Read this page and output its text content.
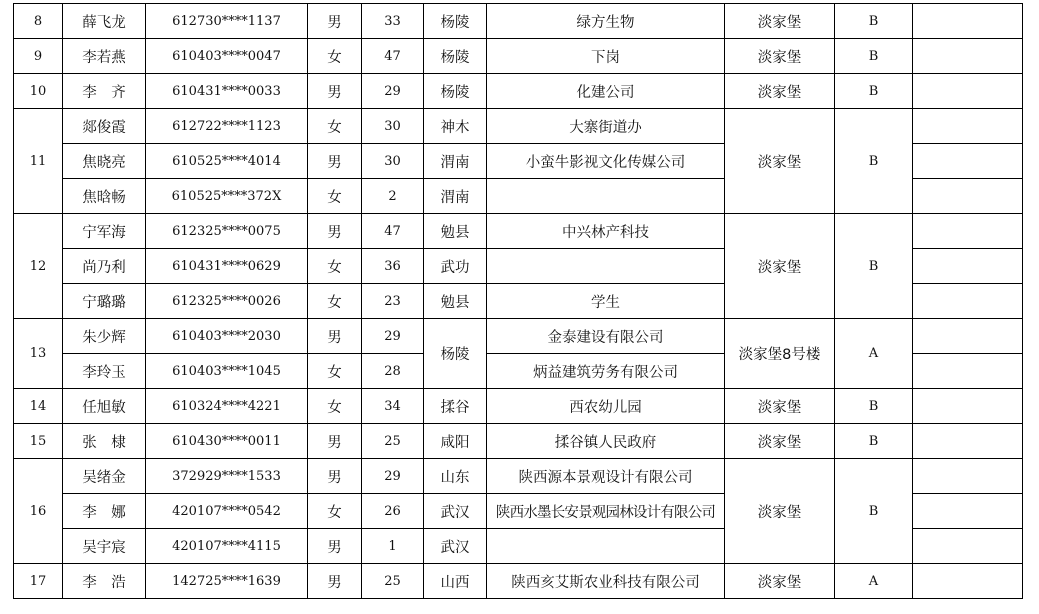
8	薛飞龙	612730****1137	男	33	杨陵	绿方生物	淡家堡	B	
9	李若燕	610403****0047	女	47	杨陵	下岗	淡家堡	B	
10	李　齐	610431****0033	男	29	杨陵	化建公司	淡家堡	B	
11	郯俊霞	612722****1123	女	30	神木	大寨街道办	淡家堡	B	
	焦晓亮	610525****4014	男	30	渭南	小蛮牛影视文化传媒公司			
	焦晗畅	610525****372X	女	2	渭南				
12	宁军海	612325****0075	男	47	勉县	中兴林产科技	淡家堡	B	
	尚乃利	610431****0629	女	36	武功				
	宁璐璐	612325****0026	女	23	勉县	学生			
13	朱少辉	610403****2030	男	29	杨陵	金泰建设有限公司	淡家堡8号楼	A	
	李玲玉	610403****1045	女	28		炳益建筑劳务有限公司			
14	任旭敏	610324****4221	女	34	揉谷	西农幼儿园	淡家堡	B	
15	张　棣	610430****0011	男	25	咸阳	揉谷镇人民政府	淡家堡	B	
16	吴绪金	372929****1533	男	29	山东	陕西源本景观设计有限公司	淡家堡	B	
	李　娜	420107****0542	女	26	武汉	陕西水墨长安景观园林设计有限公司			
	吴宇宸	420107****4115	男	1	武汉				
17	李　浩	142725****1639	男	25	山西	陕西亥艾斯农业科技有限公司	淡家堡	A	
